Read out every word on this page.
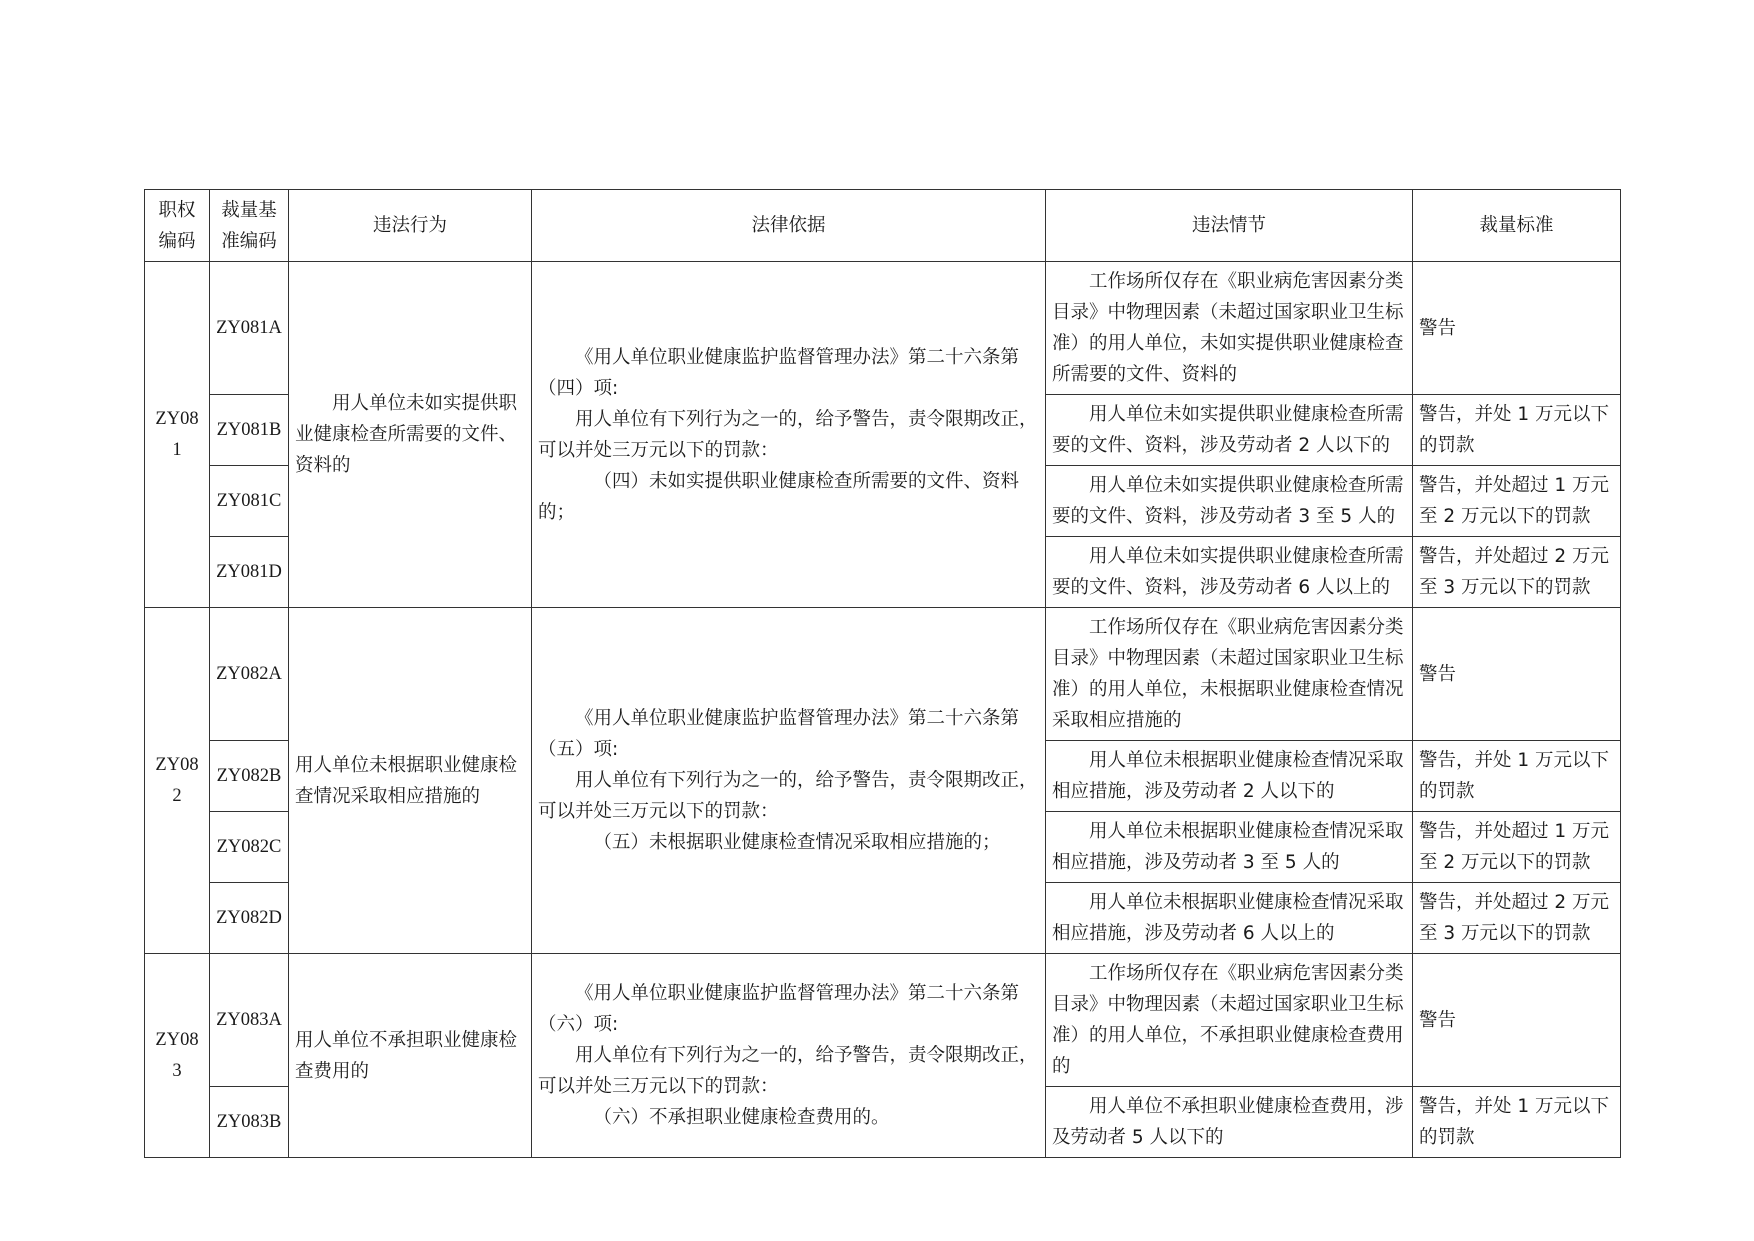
职权编码	裁量基准编码	违法行为	法律依据	违法情节	裁量标准
ZY081	ZY081A	用人单位未如实提供职业健康检查所需要的文件、资料的	《用人单位职业健康监护监督管理办法》第二十六条第（四）项:

用人单位有下列行为之一的，给予警告，责令限期改正，可以并处三万元以下的罚款：

（四）未如实提供职业健康检查所需要的文件、资料的；	工作场所仅存在《职业病危害因素分类目录》中物理因素（未超过国家职业卫生标准）的用人单位，未如实提供职业健康检查所需要的文件、资料的	警告
	ZY081B			用人单位未如实提供职业健康检查所需要的文件、资料，涉及劳动者 2 人以下的	警告，并处 1 万元以下的罚款
	ZY081C			用人单位未如实提供职业健康检查所需要的文件、资料，涉及劳动者 3 至 5 人的	警告，并处超过 1 万元至 2 万元以下的罚款
	ZY081D			用人单位未如实提供职业健康检查所需要的文件、资料，涉及劳动者 6 人以上的	警告，并处超过 2 万元至 3 万元以下的罚款
ZY082	ZY082A	用人单位未根据职业健康检查情况采取相应措施的	《用人单位职业健康监护监督管理办法》第二十六条第（五）项:

用人单位有下列行为之一的，给予警告，责令限期改正，可以并处三万元以下的罚款：

（五）未根据职业健康检查情况采取相应措施的；	工作场所仅存在《职业病危害因素分类目录》中物理因素（未超过国家职业卫生标准）的用人单位，未根据职业健康检查情况采取相应措施的	警告
	ZY082B			用人单位未根据职业健康检查情况采取相应措施，涉及劳动者 2 人以下的	警告，并处 1 万元以下的罚款
	ZY082C			用人单位未根据职业健康检查情况采取相应措施，涉及劳动者 3 至 5 人的	警告，并处超过 1 万元至 2 万元以下的罚款
	ZY082D			用人单位未根据职业健康检查情况采取相应措施，涉及劳动者 6 人以上的	警告，并处超过 2 万元至 3 万元以下的罚款
ZY083	ZY083A	用人单位不承担职业健康检查费用的	《用人单位职业健康监护监督管理办法》第二十六条第（六）项:

用人单位有下列行为之一的，给予警告，责令限期改正，可以并处三万元以下的罚款：

（六）不承担职业健康检查费用的。	工作场所仅存在《职业病危害因素分类目录》中物理因素（未超过国家职业卫生标准）的用人单位，不承担职业健康检查费用的	警告
	ZY083B			用人单位不承担职业健康检查费用，涉及劳动者 5 人以下的	警告，并处 1 万元以下的罚款
